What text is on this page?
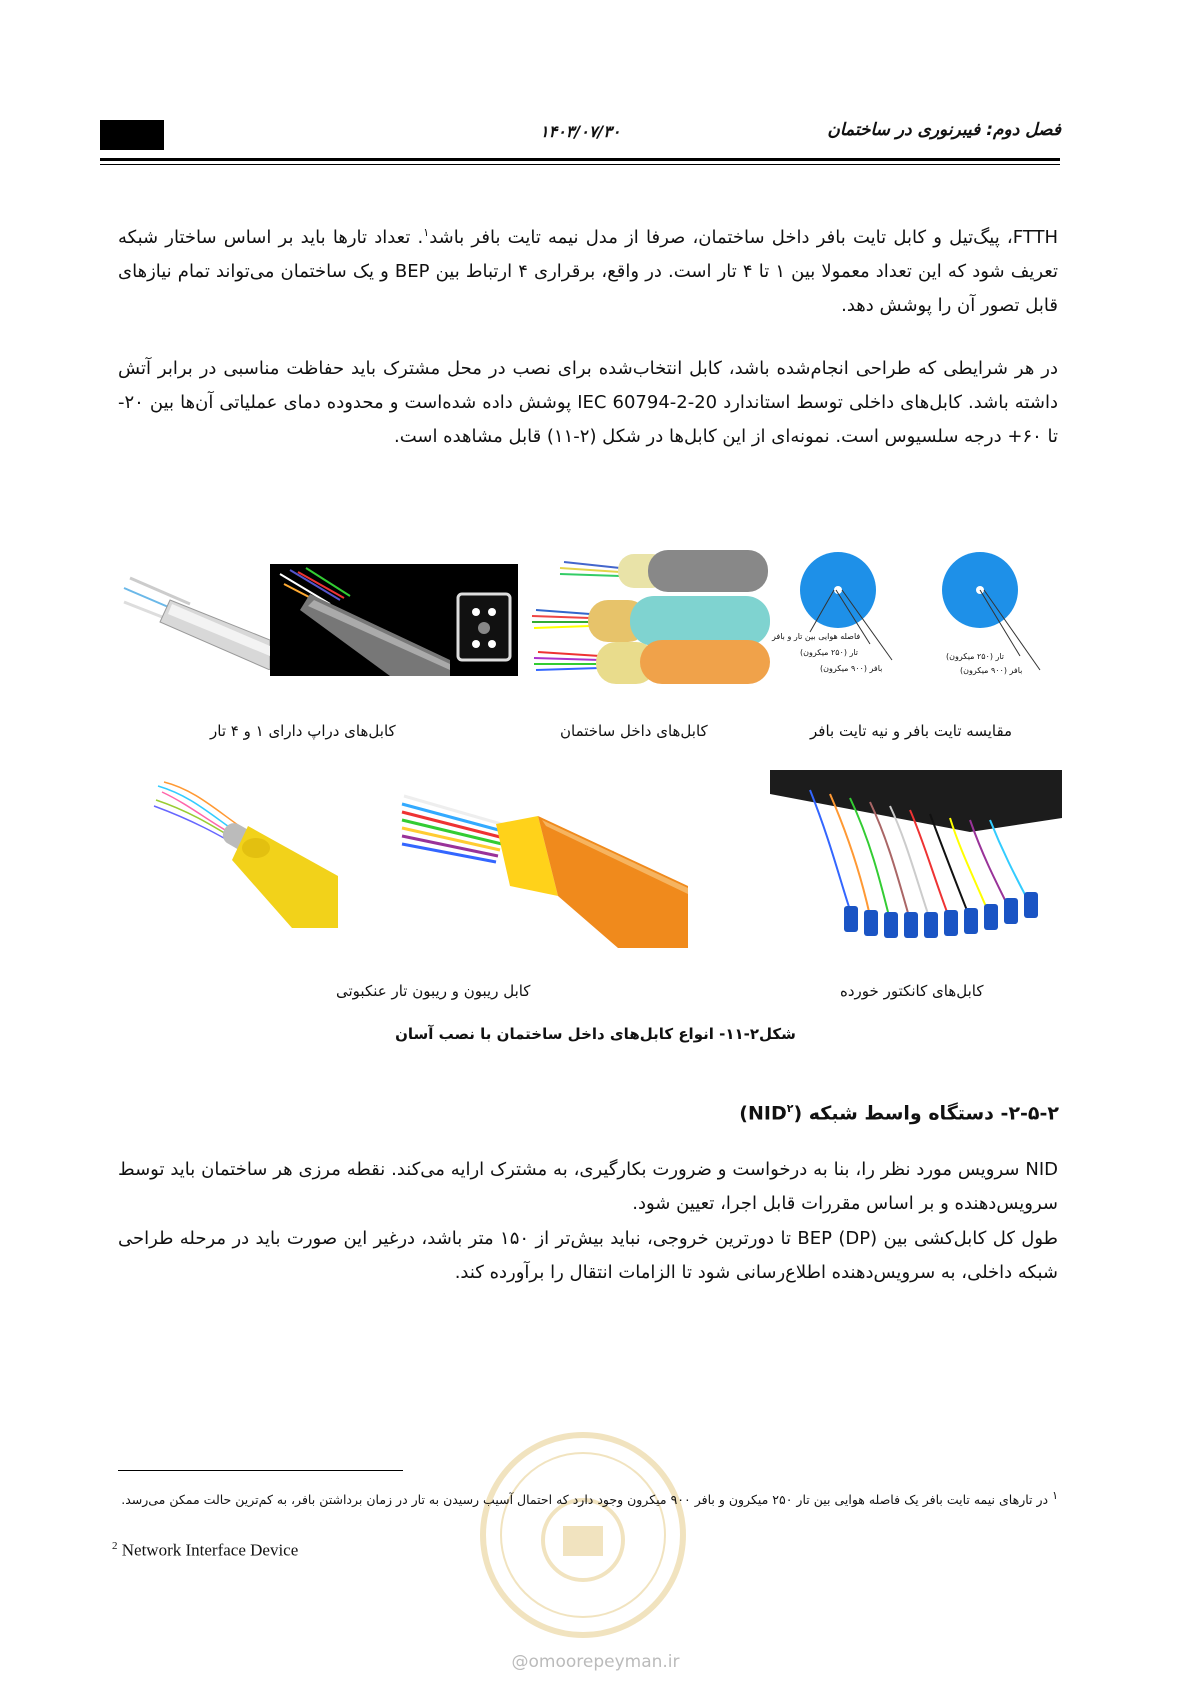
۱۴۰۳/۰۷/۳۰	فصل دوم: فیبرنوری در ساختمان
FTTH، پیگ‌تیل و کابل تایت بافر داخل ساختمان، صرفا از مدل نیمه تایت بافر باشد$^۱$. تعداد تارها باید بر اساس ساختار شبکه تعریف شود که این تعداد معمولا بین ۱ تا ۴ تار است. در واقع، برقراری ۴ ارتباط بین BEP و یک ساختمان می‌تواند تمام نیازهای قابل تصور آن را پوشش دهد.
در هر شرایطی که طراحی انجام‌شده باشد، کابل انتخاب‌شده برای نصب در محل مشترک باید حفاظت مناسبی در برابر آتش داشته باشد. کابل‌های داخلی توسط استاندارد IEC 60794-2-20 پوشش داده شده‌است و محدوده دمای عملیاتی آن‌ها بین ۲۰- تا ۶۰+ درجه سلسیوس است. نمونه‌ای از این کابل‌ها در شکل (۲-۱۱) قابل مشاهده است.
فاصله هوایی بین تار و بافر
تار (۲۵۰ میکرون)
بافر (۹۰۰ میکرون)
تار (۲۵۰ میکرون)
بافر (۹۰۰ میکرون)
کابل‌های دراپ دارای ۱ و ۴ تار	کابل‌های داخل ساختمان	مقایسه تایت بافر و نیه تایت بافر
کابل ریبون و ریبون تار عنکبوتی	کابل‌های کانکتور خورده
شکل۲-۱۱- انواع کابل‌های داخل ساختمان با نصب آسان
۲-۵-۲- دستگاه واسط شبکه (NID$^۲$)
NID سرویس مورد نظر را، بنا به درخواست و ضرورت بکارگیری، به مشترک ارایه می‌کند. نقطه مرزی هر ساختمان باید توسط سرویس‌دهنده و بر اساس مقررات قابل اجرا، تعیین شود.
طول کل کابل‌کشی بین BEP (DP) تا دورترین خروجی، نباید بیش‌تر از ۱۵۰ متر باشد، درغیر این صورت باید در مرحله طراحی شبکه داخلی، به سرویس‌دهنده اطلاع‌رسانی شود تا الزامات انتقال را برآورده کند.
$^۱$ در تارهای نیمه تایت بافر یک فاصله هوایی بین تار ۲۵۰ میکرون و بافر ۹۰۰ میکرون وجود دارد که احتمال آسیب رسیدن به تار در زمان برداشتن بافر، به کم‌ترین حالت ممکن می‌رسد.
$^2$ Network Interface Device
@omoorepeyman.ir
